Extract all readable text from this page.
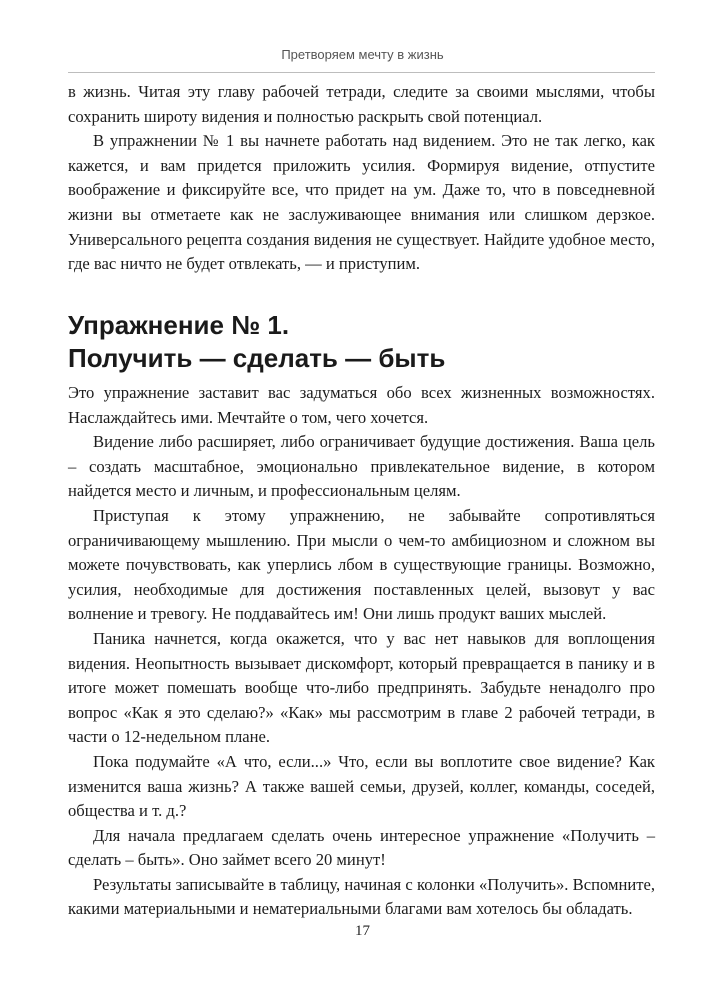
Претворяем мечту в жизнь

в жизнь. Читая эту главу рабочей тетради, следите за своими мыслями, чтобы сохранить широту видения и полностью раскрыть свой потенциал.

В упражнении № 1 вы начнете работать над видением. Это не так легко, как кажется, и вам придется приложить усилия. Формируя видение, отпустите воображение и фиксируйте все, что придет на ум. Даже то, что в повседневной жизни вы отметаете как не заслуживающее внимания или слишком дерзкое. Универсального рецепта создания видения не существует. Найдите удобное место, где вас ничто не будет отвлекать, — и приступим.

Упражнение № 1.
Получить — сделать — быть

Это упражнение заставит вас задуматься обо всех жизненных возможностях. Наслаждайтесь ими. Мечтайте о том, чего хочется.

Видение либо расширяет, либо ограничивает будущие достижения. Ваша цель – создать масштабное, эмоционально привлекательное видение, в котором найдется место и личным, и профессиональным целям.

Приступая к этому упражнению, не забывайте сопротивляться ограничивающему мышлению. При мысли о чем-то амбициозном и сложном вы можете почувствовать, как уперлись лбом в существующие границы. Возможно, усилия, необходимые для достижения поставленных целей, вызовут у вас волнение и тревогу. Не поддавайтесь им! Они лишь продукт ваших мыслей.

Паника начнется, когда окажется, что у вас нет навыков для воплощения видения. Неопытность вызывает дискомфорт, который превращается в панику и в итоге может помешать вообще что-либо предпринять. Забудьте ненадолго про вопрос «Как я это сделаю?» «Как» мы рассмотрим в главе 2 рабочей тетради, в части о 12-недельном плане.

Пока подумайте «А что, если...» Что, если вы воплотите свое видение? Как изменится ваша жизнь? А также вашей семьи, друзей, коллег, команды, соседей, общества и т. д.?

Для начала предлагаем сделать очень интересное упражнение «Получить – сделать – быть». Оно займет всего 20 минут!

Результаты записывайте в таблицу, начиная с колонки «Получить». Вспомните, какими материальными и нематериальными благами вам хотелось бы обладать.

17
